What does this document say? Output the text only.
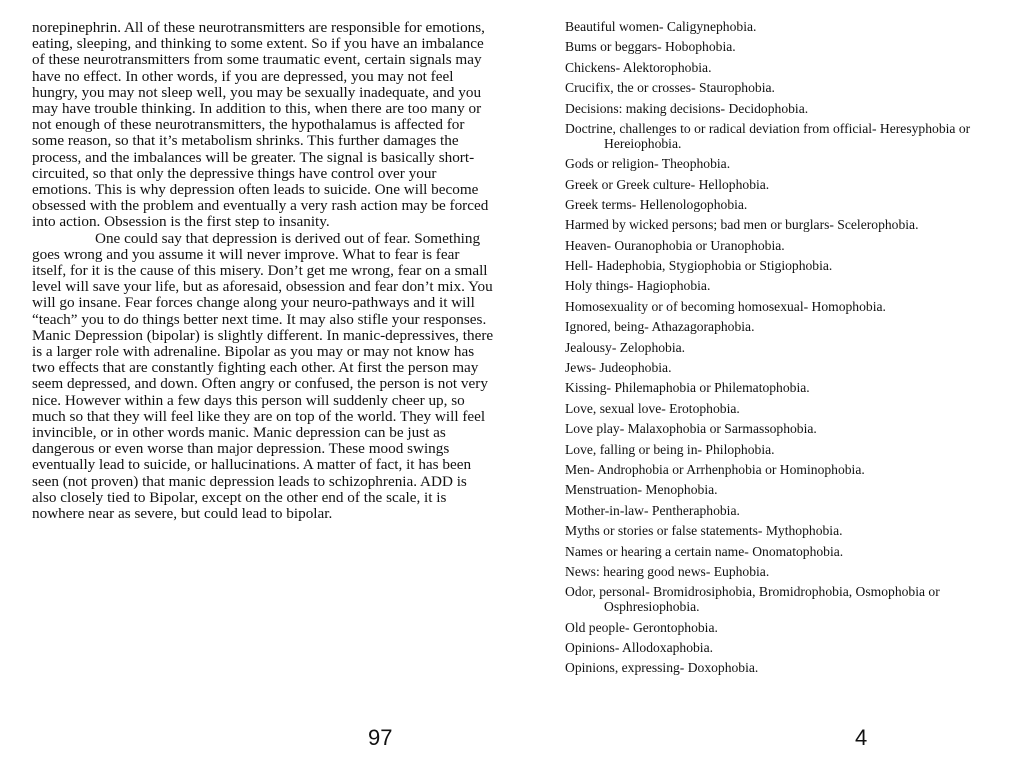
norepinephrin. All of these neurotransmitters are responsible for emotions, eating, sleeping, and thinking to some extent. So if you have an imbalance of these neurotransmitters from some traumatic event, certain signals may have no effect. In other words, if you are depressed, you may not feel hungry, you may not sleep well, you may be sexually inadequate, and you may have trouble thinking. In addition to this, when there are too many or not enough of these neurotransmitters, the hypothalamus is affected for some reason, so that it’s metabolism shrinks. This further damages the process, and the imbalances will be greater. The signal is basically short-circuited, so that only the depressive things have control over your emotions. This is why depression often leads to suicide. One will become obsessed with the problem and eventually a very rash action may be forced into action. Obsession is the first step to insanity.

One could say that depression is derived out of fear. Something goes wrong and you assume it will never improve. What to fear is fear itself, for it is the cause of this misery. Don’t get me wrong, fear on a small level will save your life, but as aforesaid, obsession and fear don’t mix. You will go insane. Fear forces change along your neuro-pathways and it will “teach” you to do things better next time. It may also stifle your responses.

Manic Depression (bipolar) is slightly different. In manic-depressives, there is a larger role with adrenaline. Bipolar as you may or may not know has two effects that are constantly fighting each other. At first the person may seem depressed, and down. Often angry or confused, the person is not very nice. However within a few days this person will suddenly cheer up, so much so that they will feel like they are on top of the world. They will feel invincible, or in other words manic. Manic depression can be just as dangerous or even worse than major depression. These mood swings eventually lead to suicide, or hallucinations. A matter of fact, it has been seen (not proven) that manic depression leads to schizophrenia. ADD is also closely tied to Bipolar, except on the other end of the scale, it is nowhere near as severe, but could lead to bipolar.

97
Beautiful women- Caligynephobia.
Bums or beggars- Hobophobia.
Chickens- Alektorophobia.
Crucifix, the or crosses- Staurophobia.
Decisions: making decisions- Decidophobia.
Doctrine, challenges to or radical deviation from official- Heresyphobia or Hereiophobia.
Gods or religion- Theophobia.
Greek or Greek culture- Hellophobia.
Greek terms- Hellenologophobia.
Harmed by wicked persons; bad men or burglars- Scelerophobia.
Heaven- Ouranophobia or Uranophobia.
Hell- Hadephobia, Stygiophobia or Stigiophobia.
Holy things- Hagiophobia.
Homosexuality or of becoming homosexual- Homophobia.
Ignored, being- Athazagoraphobia.
Jealousy- Zelophobia.
Jews- Judeophobia.
Kissing- Philemaphobia or Philematophobia.
Love, sexual love- Erotophobia.
Love play- Malaxophobia or Sarmassophobia.
Love, falling or being in- Philophobia.
Men- Androphobia or Arrhenphobia or Hominophobia.
Menstruation- Menophobia.
Mother-in-law- Pentheraphobia.
Myths or stories or false statements- Mythophobia.
Names or hearing a certain name- Onomatophobia.
News: hearing good news- Euphobia.
Odor, personal- Bromidrosiphobia, Bromidrophobia, Osmophobia or Osphresiophobia.
Old people- Gerontophobia.
Opinions- Allodoxaphobia.
Opinions, expressing- Doxophobia.
4
